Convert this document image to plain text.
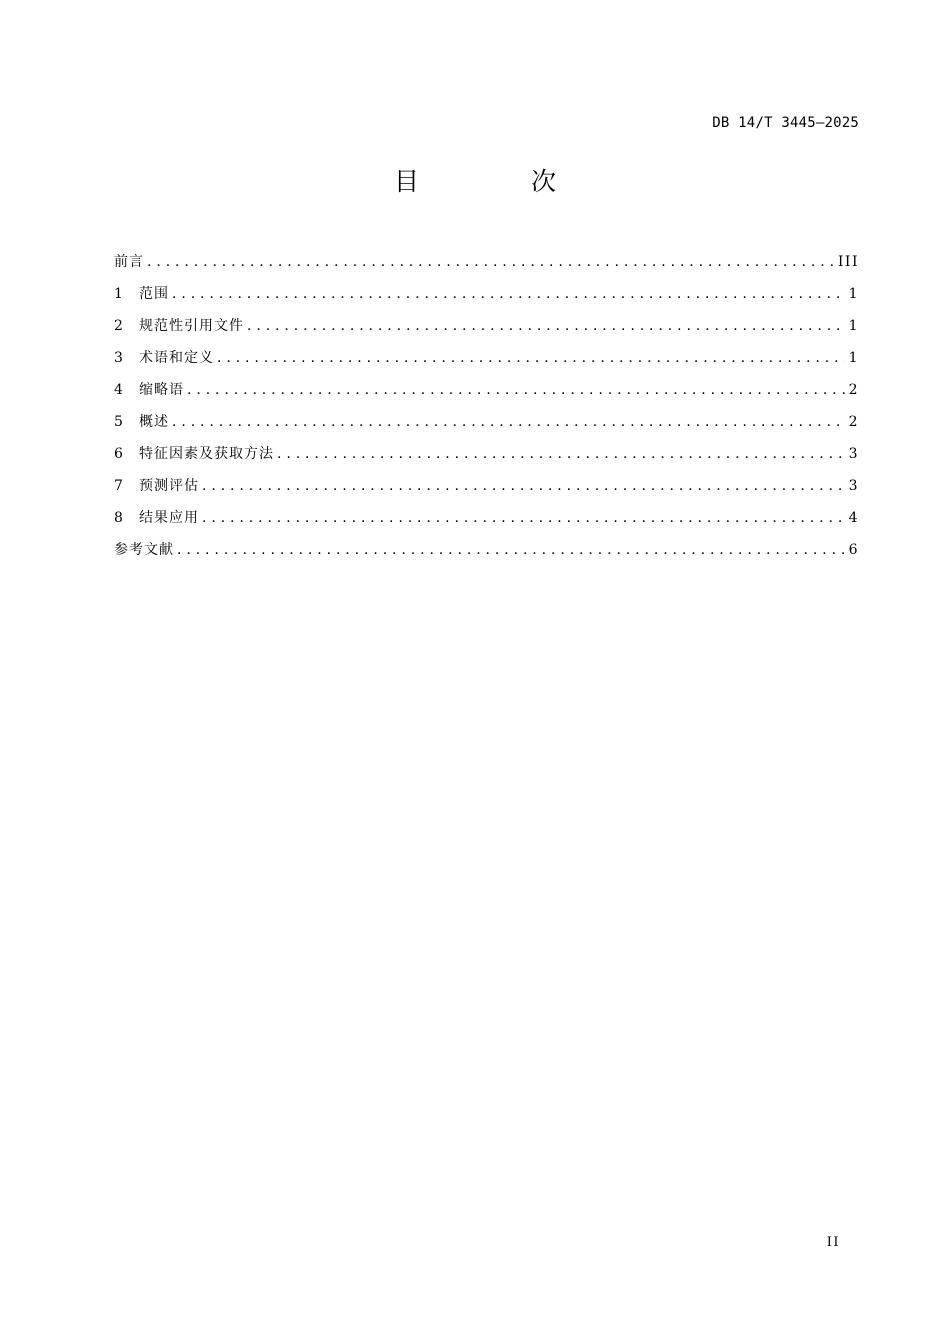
DB 14/T 3445—2025
目 次
前言 .....	III
1	范围 .....	1
2	规范性引用文件 .....	1
3	术语和定义 .....	1
4	缩略语 .....	2
5	概述 .....	2
6	特征因素及获取方法 .....	3
7	预测评估 .....	3
8	结果应用 .....	4
参考文献 .....	6
II
